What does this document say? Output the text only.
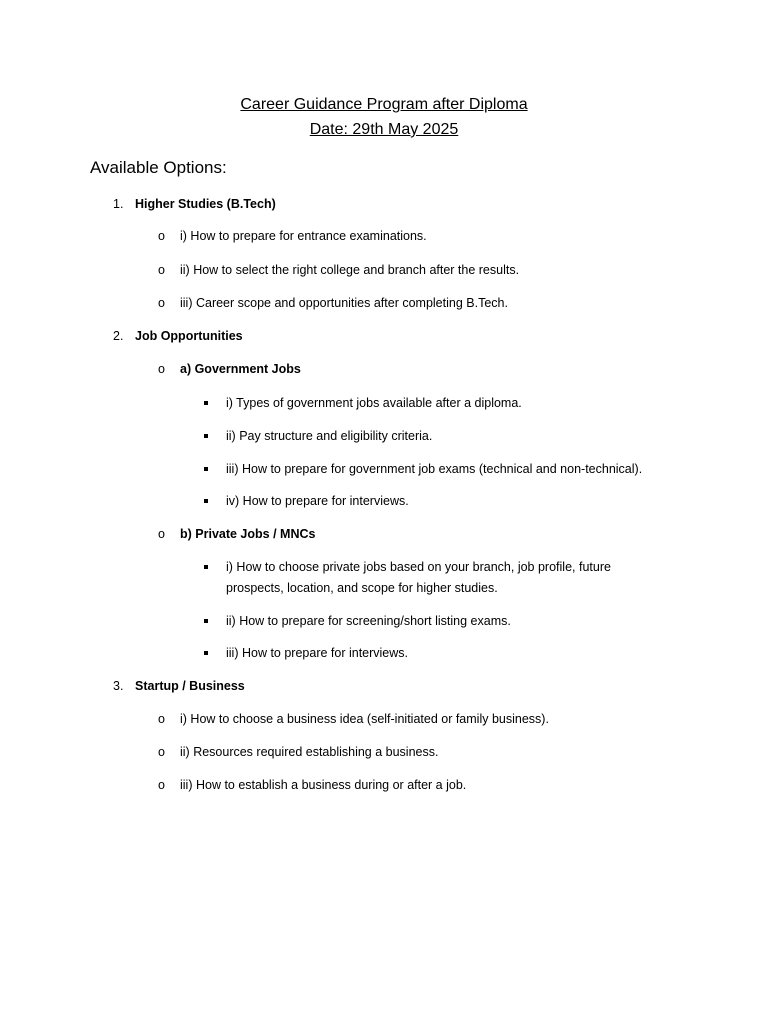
Career Guidance Program after Diploma
Date: 29th May 2025
Available Options:
1. Higher Studies (B.Tech)
o i) How to prepare for entrance examinations.
o ii) How to select the right college and branch after the results.
o iii) Career scope and opportunities after completing B.Tech.
2. Job Opportunities
o a) Government Jobs
i) Types of government jobs available after a diploma.
ii) Pay structure and eligibility criteria.
iii) How to prepare for government job exams (technical and non-technical).
iv) How to prepare for interviews.
o b) Private Jobs / MNCs
i) How to choose private jobs based on your branch, job profile, future
prospects, location, and scope for higher studies.
ii) How to prepare for screening/short listing exams.
iii) How to prepare for interviews.
3. Startup / Business
o i) How to choose a business idea (self-initiated or family business).
o ii) Resources required establishing a business.
o iii) How to establish a business during or after a job.
